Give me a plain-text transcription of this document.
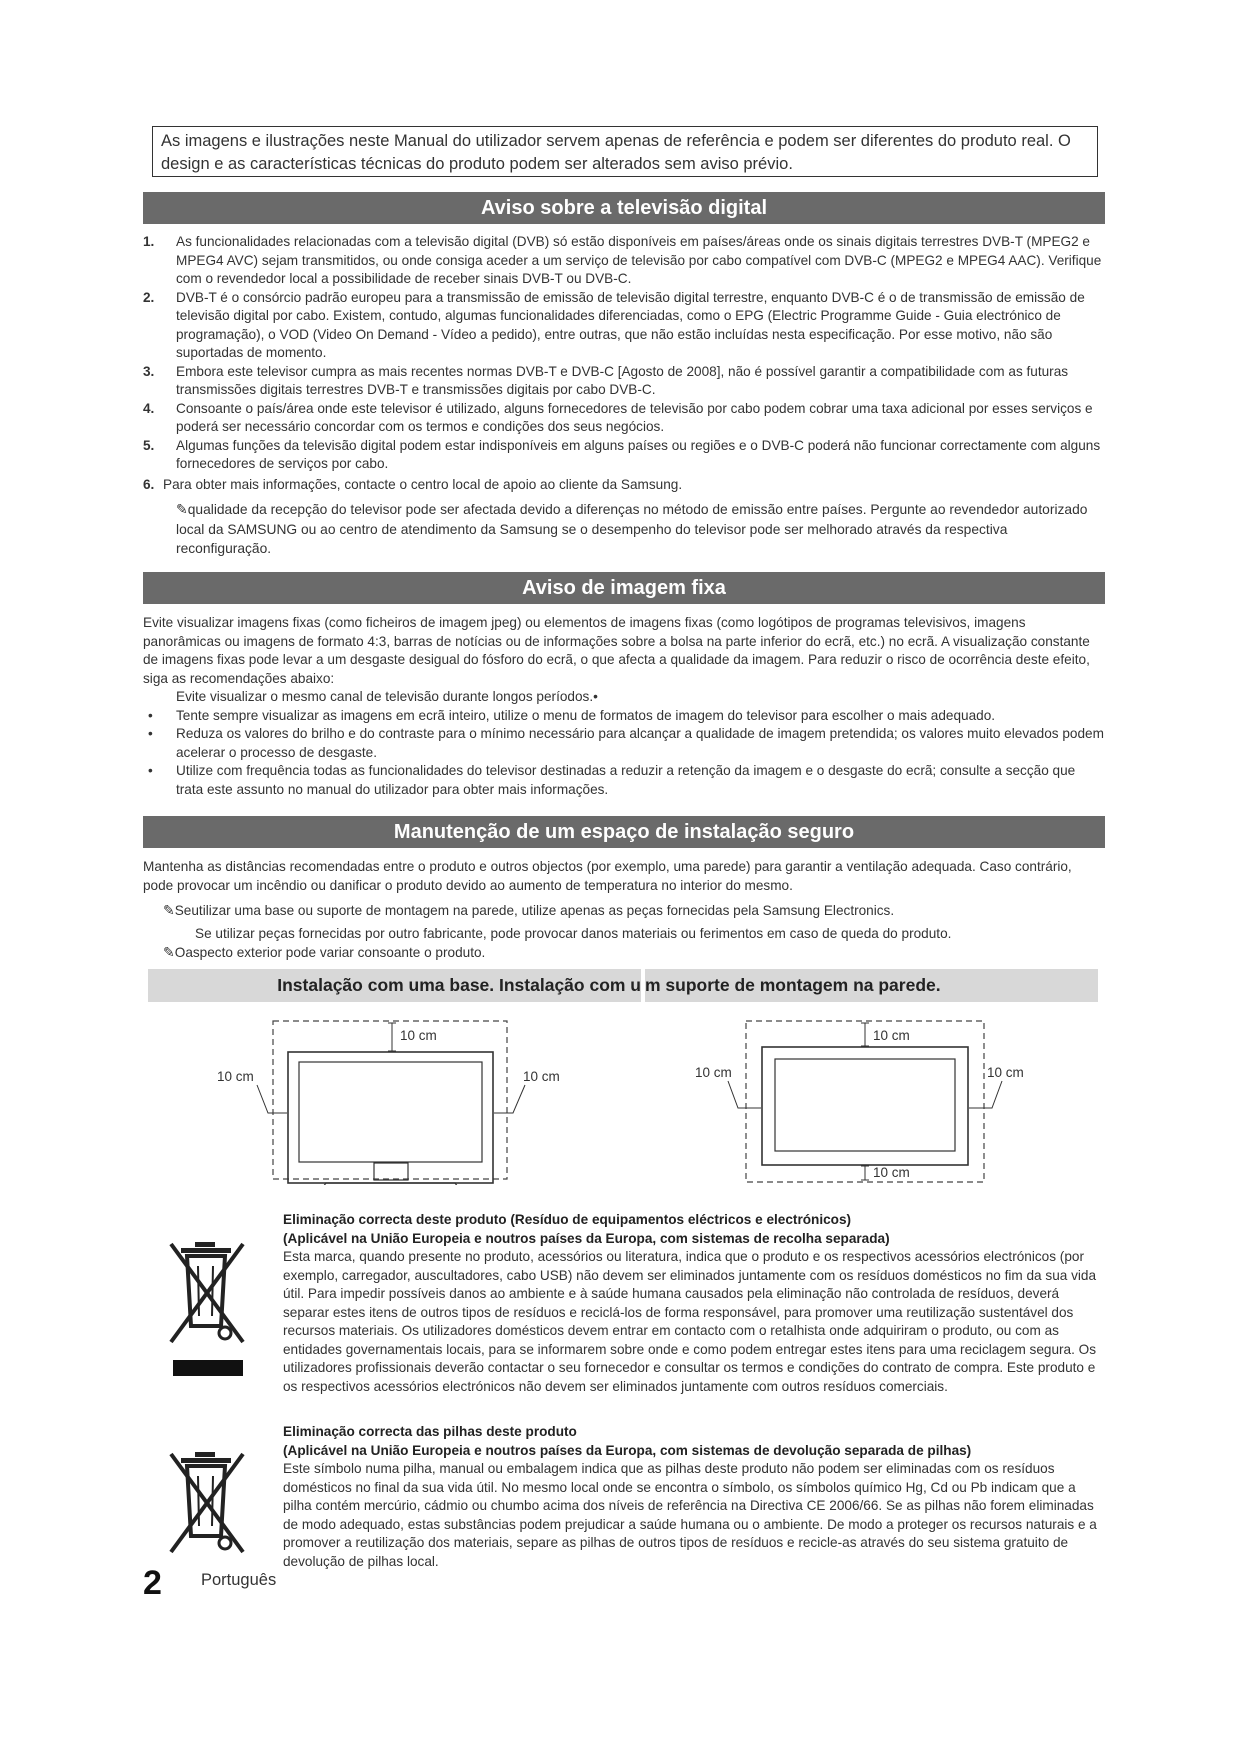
As imagens e ilustrações neste Manual do utilizador servem apenas de referência e podem ser diferentes do produto real. O design e as características técnicas do produto podem ser alterados sem aviso prévio.
Aviso sobre a televisão digital
1. As funcionalidades relacionadas com a televisão digital (DVB) só estão disponíveis em países/áreas onde os sinais digitais terrestres DVB-T (MPEG2 e MPEG4 AVC) sejam transmitidos, ou onde consiga aceder a um serviço de televisão por cabo compatível com DVB-C (MPEG2 e MPEG4 AAC). Verifique com o revendedor local a possibilidade de receber sinais DVB-T ou DVB-C.
2. DVB-T é o consórcio padrão europeu para a transmissão de emissão de televisão digital terrestre, enquanto DVB-C é o de transmissão de emissão de televisão digital por cabo. Existem, contudo, algumas funcionalidades diferenciadas, como o EPG (Electric Programme Guide - Guia electrónico de programação), o VOD (Video On Demand - Vídeo a pedido), entre outras, que não estão incluídas nesta especificação. Por esse motivo, não são suportadas de momento.
3. Embora este televisor cumpra as mais recentes normas DVB-T e DVB-C [Agosto de 2008], não é possível garantir a compatibilidade com as futuras transmissões digitais terrestres DVB-T e transmissões digitais por cabo DVB-C.
4. Consoante o país/área onde este televisor é utilizado, alguns fornecedores de televisão por cabo podem cobrar uma taxa adicional por esses serviços e poderá ser necessário concordar com os termos e condições dos seus negócios.
5. Algumas funções da televisão digital podem estar indisponíveis em alguns países ou regiões e o DVB-C poderá não funcionar correctamente com alguns fornecedores de serviços por cabo.
6. Para obter mais informações, contacte o centro local de apoio ao cliente da Samsung.
✎qualidade da recepção do televisor pode ser afectada devido a diferenças no método de emissão entre países. Pergunte ao revendedor autorizado local da SAMSUNG ou ao centro de atendimento da Samsung se o desempenho do televisor pode ser melhorado através da respectiva reconfiguração.
Aviso de imagem fixa
Evite visualizar imagens fixas (como ficheiros de imagem jpeg) ou elementos de imagens fixas (como logótipos de programas televisivos, imagens panorâmicas ou imagens de formato 4:3, barras de notícias ou de informações sobre a bolsa na parte inferior do ecrã, etc.) no ecrã. A visualização constante de imagens fixas pode levar a um desgaste desigual do fósforo do ecrã, o que afecta a qualidade da imagem. Para reduzir o risco de ocorrência deste efeito, siga as recomendações abaixo:
Evite visualizar o mesmo canal de televisão durante longos períodos.•
• Tente sempre visualizar as imagens em ecrã inteiro, utilize o menu de formatos de imagem do televisor para escolher o mais adequado.
• Reduza os valores do brilho e do contraste para o mínimo necessário para alcançar a qualidade de imagem pretendida; os valores muito elevados podem acelerar o processo de desgaste.
• Utilize com frequência todas as funcionalidades do televisor destinadas a reduzir a retenção da imagem e o desgaste do ecrã; consulte a secção que trata este assunto no manual do utilizador para obter mais informações.
Manutenção de um espaço de instalação seguro
Mantenha as distâncias recomendadas entre o produto e outros objectos (por exemplo, uma parede) para garantir a ventilação adequada. Caso contrário, pode provocar um incêndio ou danificar o produto devido ao aumento de temperatura no interior do mesmo.
✎Seutilizar uma base ou suporte de montagem na parede, utilize apenas as peças fornecidas pela Samsung Electronics.
Se utilizar peças fornecidas por outro fabricante, pode provocar danos materiais ou ferimentos em caso de queda do produto.
✎Oaspecto exterior pode variar consoante o produto.
Instalação com uma base. Instalação com u m suporte de montagem na parede.
10 cm
10 cm	10 cm
10 cm
10 cm
10 cm	10 cm
Eliminação correcta deste produto (Resíduo de equipamentos eléctricos e electrónicos)
(Aplicável na União Europeia e noutros países da Europa, com sistemas de recolha separada)
Esta marca, quando presente no produto, acessórios ou literatura, indica que o produto e os respectivos acessórios electrónicos (por exemplo, carregador, auscultadores, cabo USB) não devem ser eliminados juntamente com os resíduos domésticos no fim da sua vida útil. Para impedir possíveis danos ao ambiente e à saúde humana causados pela eliminação não controlada de resíduos, deverá separar estes itens de outros tipos de resíduos e reciclá-los de forma responsável, para promover uma reutilização sustentável dos recursos materiais. Os utilizadores domésticos devem entrar em contacto com o retalhista onde adquiriram o produto, ou com as entidades governamentais locais, para se informarem sobre onde e como podem entregar estes itens para uma reciclagem segura. Os utilizadores profissionais deverão contactar o seu fornecedor e consultar os termos e condições do contrato de compra. Este produto e os respectivos acessórios electrónicos não devem ser eliminados juntamente com outros resíduos comerciais.
Eliminação correcta das pilhas deste produto
(Aplicável na União Europeia e noutros países da Europa, com sistemas de devolução separada de pilhas)
Este símbolo numa pilha, manual ou embalagem indica que as pilhas deste produto não podem ser eliminadas com os resíduos domésticos no final da sua vida útil. No mesmo local onde se encontra o símbolo, os símbolos químico Hg, Cd ou Pb indicam que a pilha contém mercúrio, cádmio ou chumbo acima dos níveis de referência na Directiva CE 2006/66. Se as pilhas não forem eliminadas de modo adequado, estas substâncias podem prejudicar a saúde humana ou o ambiente. De modo a proteger os recursos naturais e a promover a reutilização dos materiais, separe as pilhas de outros tipos de resíduos e recicle-as através do seu sistema gratuito de devolução de pilhas local.
2 Português
